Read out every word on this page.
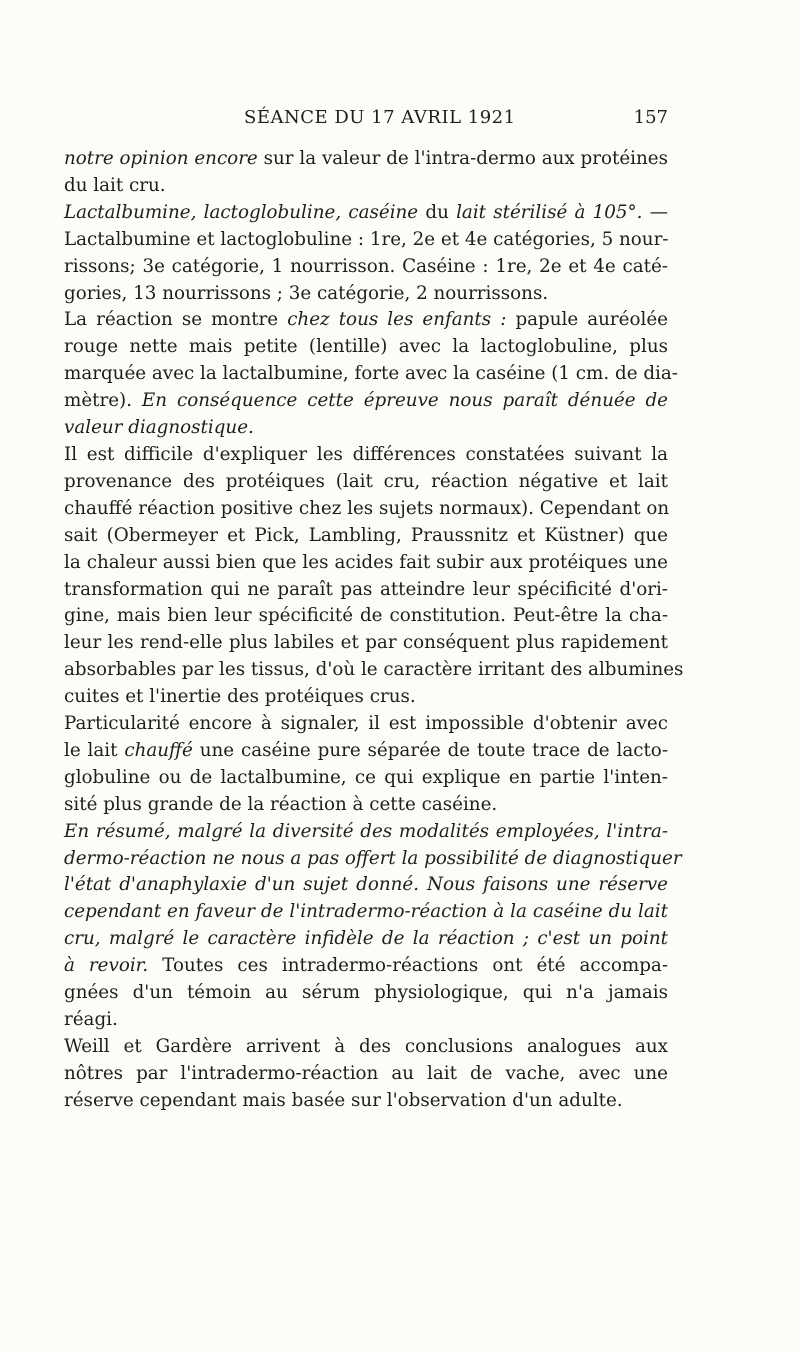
SÉANCE DU 17 AVRIL 1921	157
notre opinion encore sur la valeur de l'intra-dermo aux protéines
du lait cru.
Lactalbumine, lactoglobuline, caséine du lait stérilisé à 105°. —
Lactalbumine et lactoglobuline : 1re, 2e et 4e catégories, 5 nour-
rissons; 3e catégorie, 1 nourrisson. Caséine : 1re, 2e et 4e caté-
gories, 13 nourrissons ; 3e catégorie, 2 nourrissons.
La réaction se montre chez tous les enfants : papule auréolée
rouge nette mais petite (lentille) avec la lactoglobuline, plus
marquée avec la lactalbumine, forte avec la caséine (1 cm. de dia-
mètre). En conséquence cette épreuve nous paraît dénuée de
valeur diagnostique.
Il est difficile d'expliquer les différences constatées suivant la
provenance des protéiques (lait cru, réaction négative et lait
chauffé réaction positive chez les sujets normaux). Cependant on
sait (Obermeyer et Pick, Lambling, Praussnitz et Küstner) que
la chaleur aussi bien que les acides fait subir aux protéiques une
transformation qui ne paraît pas atteindre leur spécificité d'ori-
gine, mais bien leur spécificité de constitution. Peut-être la cha-
leur les rend-elle plus labiles et par conséquent plus rapidement
absorbables par les tissus, d'où le caractère irritant des albumines
cuites et l'inertie des protéiques crus.
Particularité encore à signaler, il est impossible d'obtenir avec
le lait chauffé une caséine pure séparée de toute trace de lacto-
globuline ou de lactalbumine, ce qui explique en partie l'inten-
sité plus grande de la réaction à cette caséine.
En résumé, malgré la diversité des modalités employées, l'intra-
dermo-réaction ne nous a pas offert la possibilité de diagnostiquer
l'état d'anaphylaxie d'un sujet donné. Nous faisons une réserve
cependant en faveur de l'intradermo-réaction à la caséine du lait
cru, malgré le caractère infidèle de la réaction ; c'est un point
à revoir. Toutes ces intradermo-réactions ont été accompa-
gnées d'un témoin au sérum physiologique, qui n'a jamais
réagi.
Weill et Gardère arrivent à des conclusions analogues aux
nôtres par l'intradermo-réaction au lait de vache, avec une
réserve cependant mais basée sur l'observation d'un adulte.
